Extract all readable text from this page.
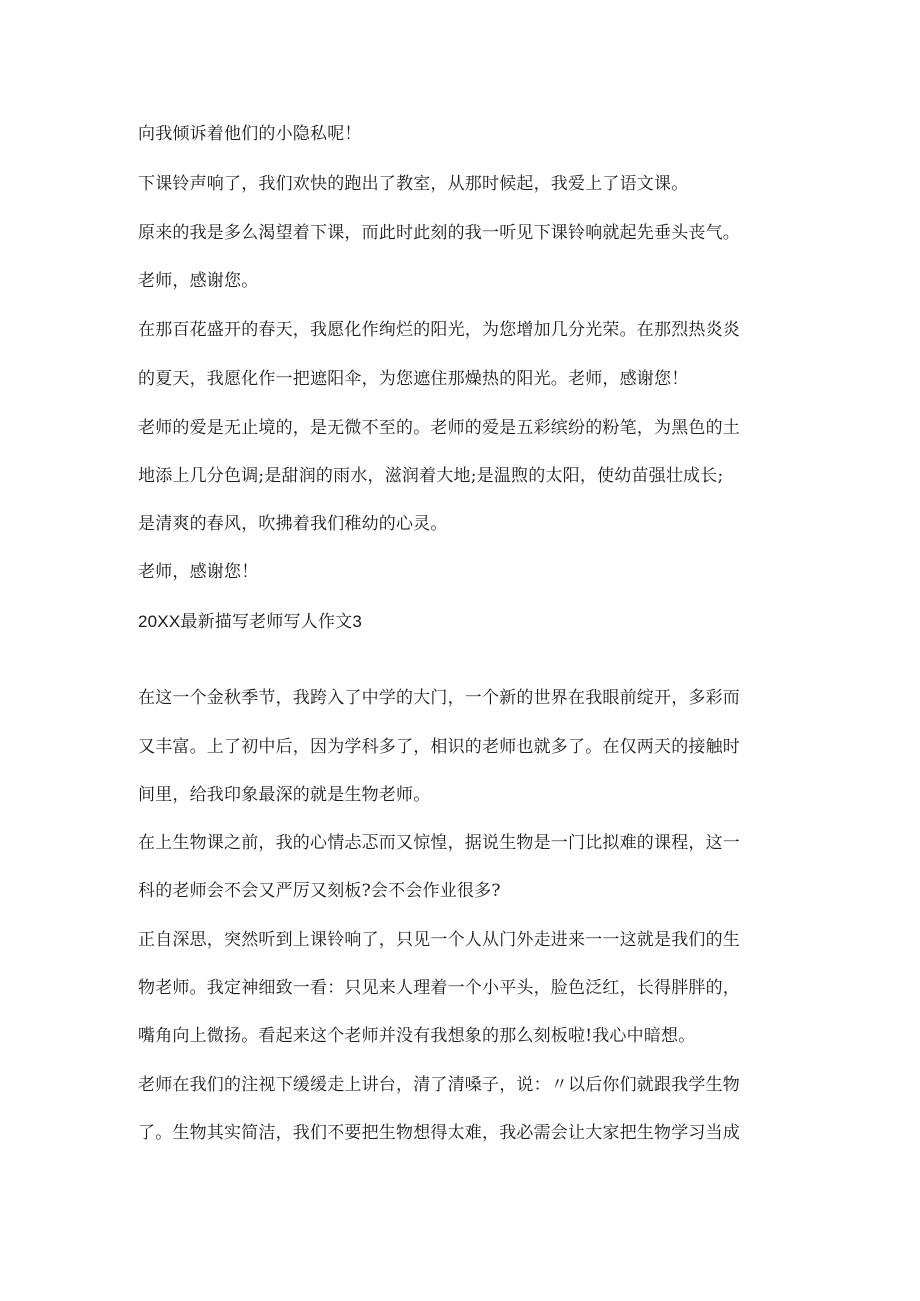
向我倾诉着他们的小隐私呢！

下课铃声响了，我们欢快的跑出了教室，从那时候起，我爱上了语文课。

原来的我是多么渴望着下课，而此时此刻的我一听见下课铃响就起先垂头丧气。

老师，感谢您。

在那百花盛开的春天，我愿化作绚烂的阳光，为您增加几分光荣。在那烈热炎炎

的夏天，我愿化作一把遮阳伞，为您遮住那燥热的阳光。老师，感谢您！

老师的爱是无止境的，是无微不至的。老师的爱是五彩缤纷的粉笔，为黑色的土

地添上几分色调;是甜润的雨水，滋润着大地;是温煦的太阳，使幼苗强壮成长;

是清爽的春风，吹拂着我们稚幼的心灵。

老师，感谢您！

20XX最新描写老师写人作文3

在这一个金秋季节，我跨入了中学的大门，一个新的世界在我眼前绽开，多彩而

又丰富。上了初中后，因为学科多了，相识的老师也就多了。在仅两天的接触时

间里，给我印象最深的就是生物老师。

在上生物课之前，我的心情忐忑而又惊惶，据说生物是一门比拟难的课程，这一

科的老师会不会又严厉又刻板?会不会作业很多?

正自深思，突然听到上课铃响了，只见一个人从门外走进来一一这就是我们的生

物老师。我定神细致一看：只见来人理着一个小平头，脸色泛红，长得胖胖的，

嘴角向上微扬。看起来这个老师并没有我想象的那么刻板啦!我心中暗想。

老师在我们的注视下缓缓走上讲台，清了清嗓子，说：〃以后你们就跟我学生物

了。生物其实简洁，我们不要把生物想得太难，我必需会让大家把生物学习当成
